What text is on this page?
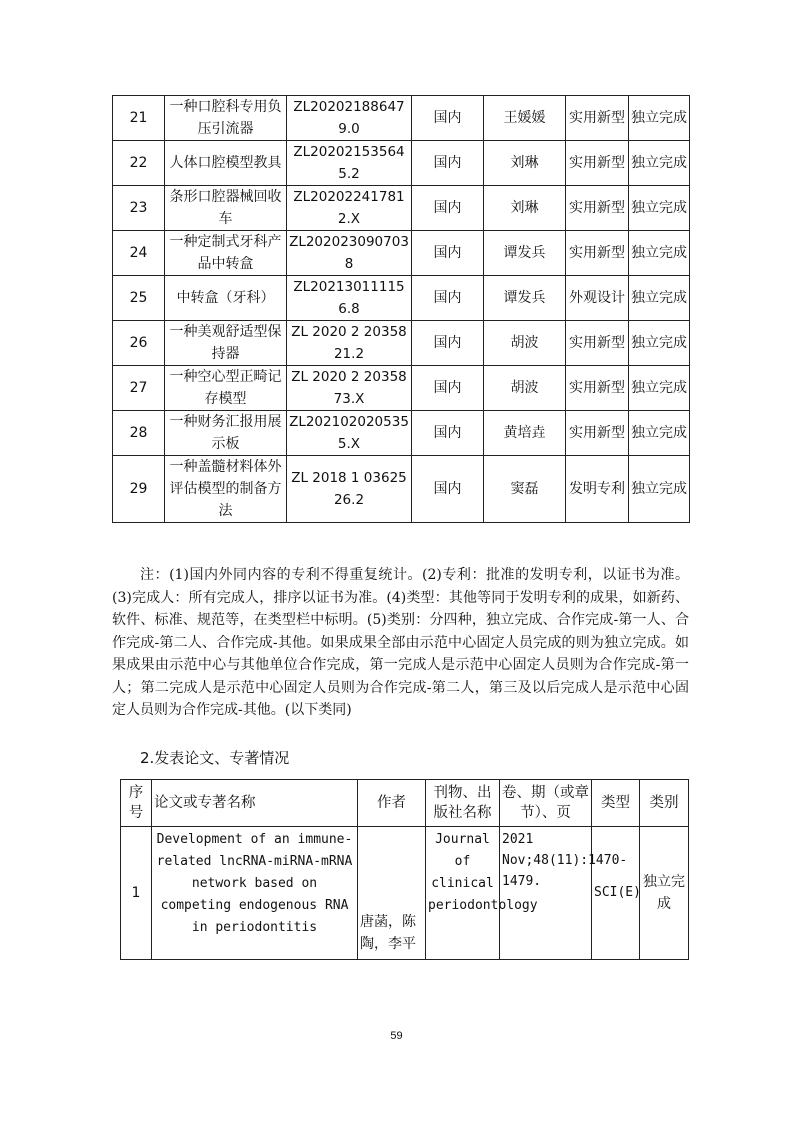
21	一种口腔科专用负压引流器	ZL202021886479.0	国内	王媛媛	实用新型	独立完成
22	人体口腔模型教具	ZL202021535645.2	国内	刘琳	实用新型	独立完成
23	条形口腔器械回收车	ZL202022417812.X	国内	刘琳	实用新型	独立完成
24	一种定制式牙科产品中转盒	ZL2020230907038	国内	谭发兵	实用新型	独立完成
25	中转盒（牙科）	ZL202130111156.8	国内	谭发兵	外观设计	独立完成
26	一种美观舒适型保持器	ZL 2020 2 2035821.2	国内	胡波	实用新型	独立完成
27	一种空心型正畸记存模型	ZL 2020 2 2035873.X	国内	胡波	实用新型	独立完成
28	一种财务汇报用展示板	ZL2021020205355.X	国内	黄培垚	实用新型	独立完成
29	一种盖髓材料体外评估模型的制备方法	ZL 2018 1 0362526.2	国内	窦磊	发明专利	独立完成

注：(1)国内外同内容的专利不得重复统计。(2)专利：批准的发明专利，以证书为准。(3)完成人：所有完成人，排序以证书为准。(4)类型：其他等同于发明专利的成果，如新药、软件、标准、规范等，在类型栏中标明。(5)类别：分四种，独立完成、合作完成-第一人、合作完成-第二人、合作完成-其他。如果成果全部由示范中心固定人员完成的则为独立完成。如果成果由示范中心与其他单位合作完成，第一完成人是示范中心固定人员则为合作完成-第一人；第二完成人是示范中心固定人员则为合作完成-第二人，第三及以后完成人是示范中心固定人员则为合作完成-其他。(以下类同)

2.发表论文、专著情况

序号	论文或专著名称	作者	刊物、出版社名称	卷、期（或章节）、页	类型	类别
1	Development of an immune-related lncRNA-miRNA-mRNA network based on competing endogenous RNA in periodontitis	唐菡，陈陶，李平	Journal of clinical periodontology	2021 Nov;48(11):1470-1479.	SCI(E)	独立完成

59
